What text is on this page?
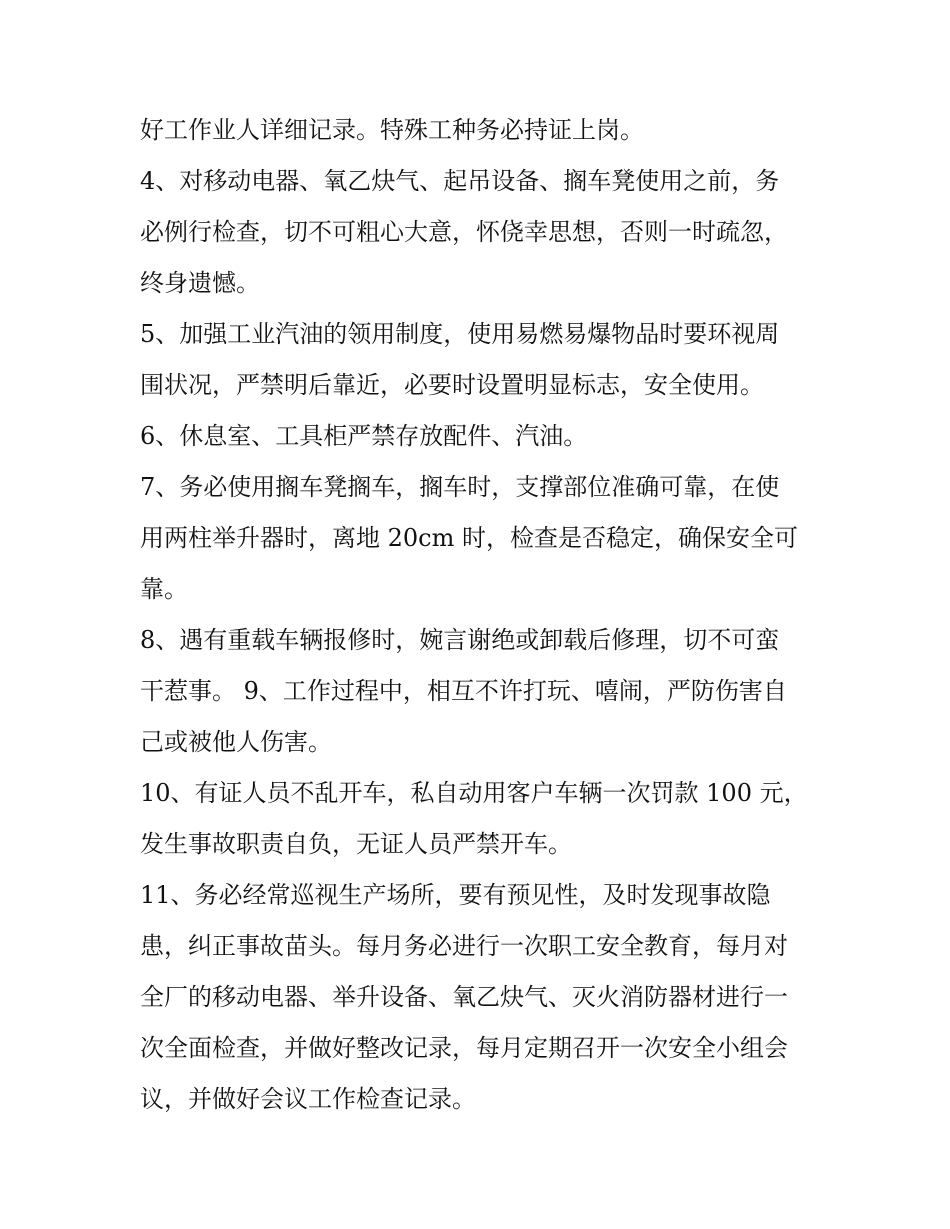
好工作业人详细记录。特殊工种务必持证上岗。
4、对移动电器、氧乙炔气、起吊设备、搁车凳使用之前，务
必例行检查，切不可粗心大意，怀侥幸思想，否则一时疏忽，
终身遗憾。
5、加强工业汽油的领用制度，使用易燃易爆物品时要环视周
围状况，严禁明后靠近，必要时设置明显标志，安全使用。
6、休息室、工具柜严禁存放配件、汽油。
7、务必使用搁车凳搁车，搁车时，支撑部位准确可靠，在使
用两柱举升器时，离地 20cm 时，检查是否稳定，确保安全可
靠。
8、遇有重载车辆报修时，婉言谢绝或卸载后修理，切不可蛮
干惹事。 9、工作过程中，相互不许打玩、嘻闹，严防伤害自
己或被他人伤害。
10、有证人员不乱开车，私自动用客户车辆一次罚款 100 元，
发生事故职责自负，无证人员严禁开车。
11、务必经常巡视生产场所，要有预见性，及时发现事故隐
患，纠正事故苗头。每月务必进行一次职工安全教育，每月对
全厂的移动电器、举升设备、氧乙炔气、灭火消防器材进行一
次全面检查，并做好整改记录，每月定期召开一次安全小组会
议，并做好会议工作检查记录。
